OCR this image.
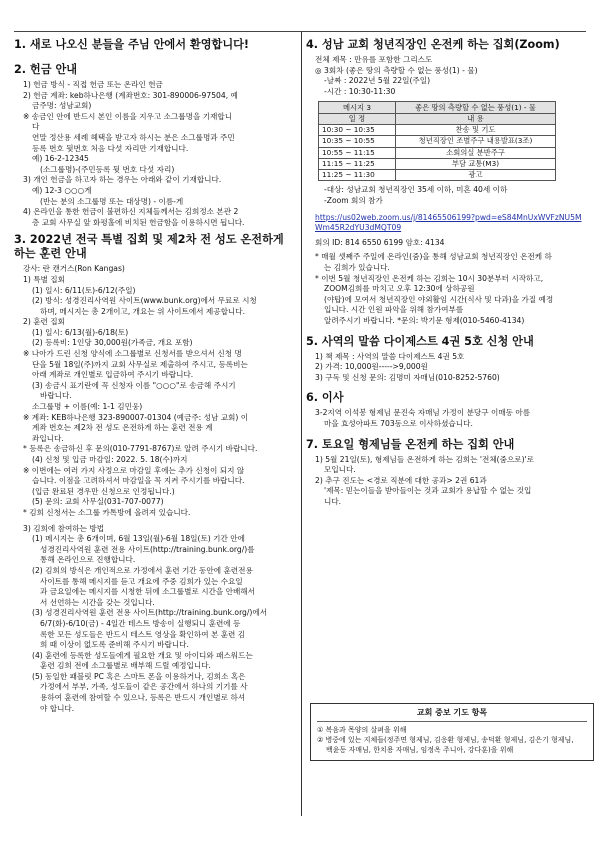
1. 새로 나오신 분들을 주님 안에서 환영합니다!
2. 헌금 안내
1) 헌금 방식 - 직접 헌금 또는 온라인 헌금
2) 헌금 계좌: keb하나은행 (계좌번호: 301-890006-97504, 예
금주명: 성남교회)
※ 송금인 안에 반드시 본인 이름을 지우고 소그룹명을 기재합니
다
연말 정산용 세례 헤택을 받고자 하시는 분은 소그룹명과 주민
등록 번호 뒷번호 처음 다섯 자리만 기재합니다.
예) 16-2-12345
(소그룹명)-(주민등록 뒷 번호 다섯 자리)
3) 개인 헌금을 하고자 하는 경우는 아래와 같이 기재합니다.
예) 12-3 ○○○게
(반는 분의 소그룹명 또는 대상명) - 이름-게
4) 온라인을 통한 헌금이 불편하신 지체들께서는 김희정소 본관 2
층 교회 사무실 앞 화평홀에 비치된 헌금함을 이용하시면 됩니다.
3. 2022년 전국 특별 집회 및 제2차 전 성도 온전하게 하는 훈련 안내
강사: 란 캔거스(Ron Kangas)
1) 특별 집회
(1) 일시: 6/11(토)-6/12(주일)
(2) 방식: 성경진리사역원 사이트(www.bunk.org)에서 무료로 시청
하며, 메시지는 총 2개이고, 개요는 위 사이트에서 제공합니다.
2) 훈련 집회
(1) 일시: 6/13(월)-6/18(토)
(2) 등록비: 1인당 30,000원(가족금, 개요 포함)
※ 나아가 드린 신청 양식에 소그룹별로 신청서를 받으셔서 신청 명
단을 5월 18일(주)까지 교회 사무실로 제출하여 주시고, 등록비는
아래 계좌로 개인별로 입금하여 주시기 바랍니다.
(3) 송금시 표기란에 꼭 신청자 이름 "○○○"로 송금해 주시기
바랍니다.
소그룹명 + 이름(예: 1-1 김민웅)
※ 계좌: KEB하나은행 323-890007-01304 (예금주: 성남 교회) 이
계좌 번호는 제2차 전 성도 온전하게 하는 훈련 전용 계
좌입니다.
* 등록은 송금하신 후 문의(010-7791-8767)로 알려 주시기 바랍니다.
(4) 신청 및 입금 마감일: 2022. 5. 18(수)까지
※ 이번에는 여러 가지 사정으로 마감일 후에는 추가 신청이 되지 않
습니다. 이점을 고려하셔서 마감일을 꼭 지켜 주시기를 바랍니다.
(입금 완료된 경우만 신청으로 인정됩니다.)
(5) 문의: 교회 사무실(031-707-0077)
* 김희 신청서는 소그룹 카톡방에 올려져 있습니다.
3) 김희에 참여하는 방법
(1) 메시지는 총 6개이며, 6월 13일(월)-6월 18일(토) 기간 안에
성경진리사역원 훈련 전용 사이트(http://training.bunk.org/)를
통해 온라인으로 진행합니다.
(2) 김희의 방식은 개인적으로 가정에서 훈련 기간 동안에 훈련전용
사이트를 통해 메시지를 듣고 개요에 주중 김희가 있는 수요일
과 금요일에는 메시지를 시청한 뒤에 소그룹별로 시간을 안배해서
서 선언하는 시간을 갖는 것입니다.
(3) 성경진리사역원 훈련 전용 사이트(http://training.bunk.org/)에서
6/7(화)-6/10(금) - 4일간 테스트 방송이 실행되니 훈련에 등
록한 모든 성도들은 반드시 테스트 영상을 확인하여 본 훈련 김
희 때 이상이 없도록 준비해 주시기 바랍니다.
(4) 훈련에 등록한 성도들에게 필요한 개요 및 아이디와 패스워드는
훈련 김희 전에 소그룹별로 배부해 드릴 예정입니다.
(5) 동일한 패블릿 PC 혹은 스마트 폰을 이용하거나, 김희소 혹은
가정에서 부부, 가족, 성도들이 같은 공간에서 하나의 기기를 사
용하여 훈련에 참여할 수 있으나, 등록은 반드시 개인별로 하셔
야 합니다.
4. 성남 교회 청년직장인 온전케 하는 집회(Zoom)
전체 제목 : 만유를 포함한 그리스도
◎ 3회차 (좋은 땅의 측량할 수 없는 풍성(1) - 물)
-날짜 : 2022년 5월 22일(주일)
-시간 : 10:30-11:30
메시지 3	좋은 땅의 측량할 수 없는 풍성(1) - 물
일 정	내 용
10:30 ~ 10:35	찬송 및 기도
10:35 ~ 10:55	청년직장인 조별주구 내용발표(3조)
10:55 ~ 11:15	소회의실 분반주구
11:15 ~ 11:25	부담 교통(M3)
11:25 ~ 11:30	광고
-대상: 성남교회 청년직장인 35세 이하, 미혼 40세 이하
-Zoom 회의 참가
https://us02web.zoom.us/j/81465506199?pwd=eS84MnUxWVFzNU5MWm45R2dYU3dMQT09
회의 ID: 814 6550 6199 암호: 4134
* 매월 셋째주 주일에 온라인(줌)을 통해 성남교회 청년직장인 온전케 하
는 김희가 있습니다.
* 이번 5월 청년직장인 온전케 하는 김희는 10시 30분부터 시작하고,
ZOOM김희를 마치고 오후 12:30에 상하공원
(야탑)에 모여서 청년직장인 야외활임 시간(식사 및 다과)을 가질 예정
입니다. 시간 인원 파악을 위해 참가여부를
알려주시기 바랍니다. *문의: 박기문 형제(010-5460-4134)
5. 사역의 말씀 다이제스트 4권 5호 신청 안내
1) 책 제목 : 사역의 말씀 다이제스트 4권 5호
2) 가격: 10,000원----->9,000원
3) 구독 및 신청 문의: 김명미 자매님(010-8252-5760)
6. 이사
3-2지역 이석봉 형제님 문진숙 자매님 가정이 분당구 이매동 아름
마을 효성아파트 703동으로 이사하셨습니다.
7. 토요일 형제님들 온전케 하는 집회 안내
1) 5월 21일(토), 형제님들 온전하게 하는 김희는 '전체(줌으로)'로
모입니다.
2) 추구 진도는 <경로 직분에 대한 공과> 2권 61과
'제목: 믿는이들을 받아들이는 것과 교회가 용납할 수 없는 것입
니다.
교회 중보 기도 항목
① 복음과 목양의 살펴을 위해
② 병중에 있는 지체들(정주면 형제님, 김응환 형제님, 송덕환 형제님, 김은기 형제님,
백윤동 자매님, 한치용 자매님, 임정옥 주니아, 강다훈)을 위해
